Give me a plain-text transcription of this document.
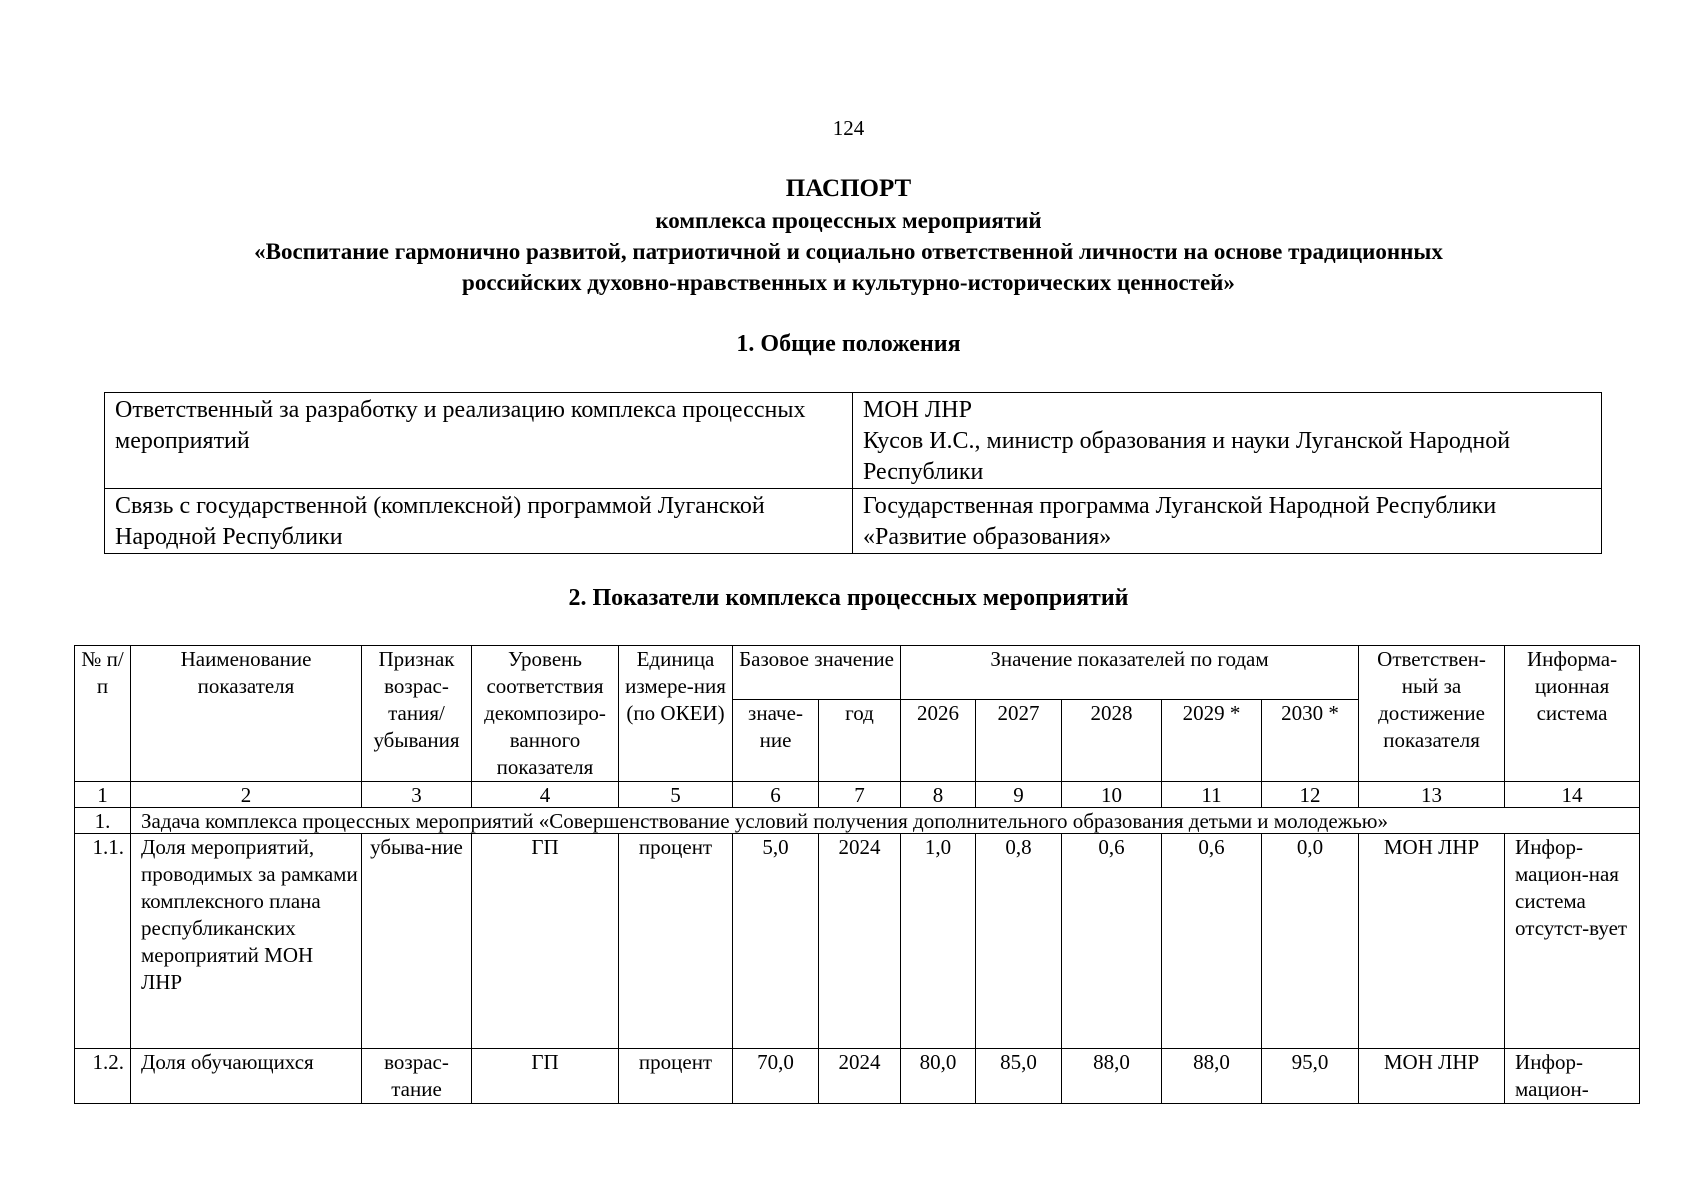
124
ПАСПОРТ
комплекса процессных мероприятий
«Воспитание гармонично развитой, патриотичной и социально ответственной личности на основе традиционных
российских духовно-нравственных и культурно-исторических ценностей»
1. Общие положения
Ответственный за разработку и реализацию комплекса процессных мероприятий	МОН ЛНР
Кусов И.С., министр образования и науки Луганской Народной Республики

Связь с государственной (комплексной) программой Луганской Народной Республики	Государственная программа Луганской Народной Республики «Развитие образования»
2. Показатели комплекса процессных мероприятий
№ п/п	Наименование показателя	Признак возрас-тания/ убывания	Уровень соответствия декомпозиро-ванного показателя	Единица измере-ния (по ОКЕИ)	Базовое значение		Значение показателей по годам					Ответствен-ный за достижение показателя	Информа-ционная система
					значе-ние	год	2026	2027	2028	2029 *	2030 *		
1	2	3	4	5	6	7	8	9	10	11	12	13	14
1.	Задача комплекса процессных мероприятий «Совершенствование условий получения дополнительного образования детьми и молодежью»												
1.1.	Доля мероприятий, проводимых за рамками комплексного плана республиканских мероприятий МОН ЛНР	убыва-ние	ГП	процент	5,0	2024	1,0	0,8	0,6	0,6	0,0	МОН ЛНР	Инфор-мацион-ная система отсутст-вует
1.2.	Доля обучающихся	возрас-тание	ГП	процент	70,0	2024	80,0	85,0	88,0	88,0	95,0	МОН ЛНР	Инфор-мацион-
